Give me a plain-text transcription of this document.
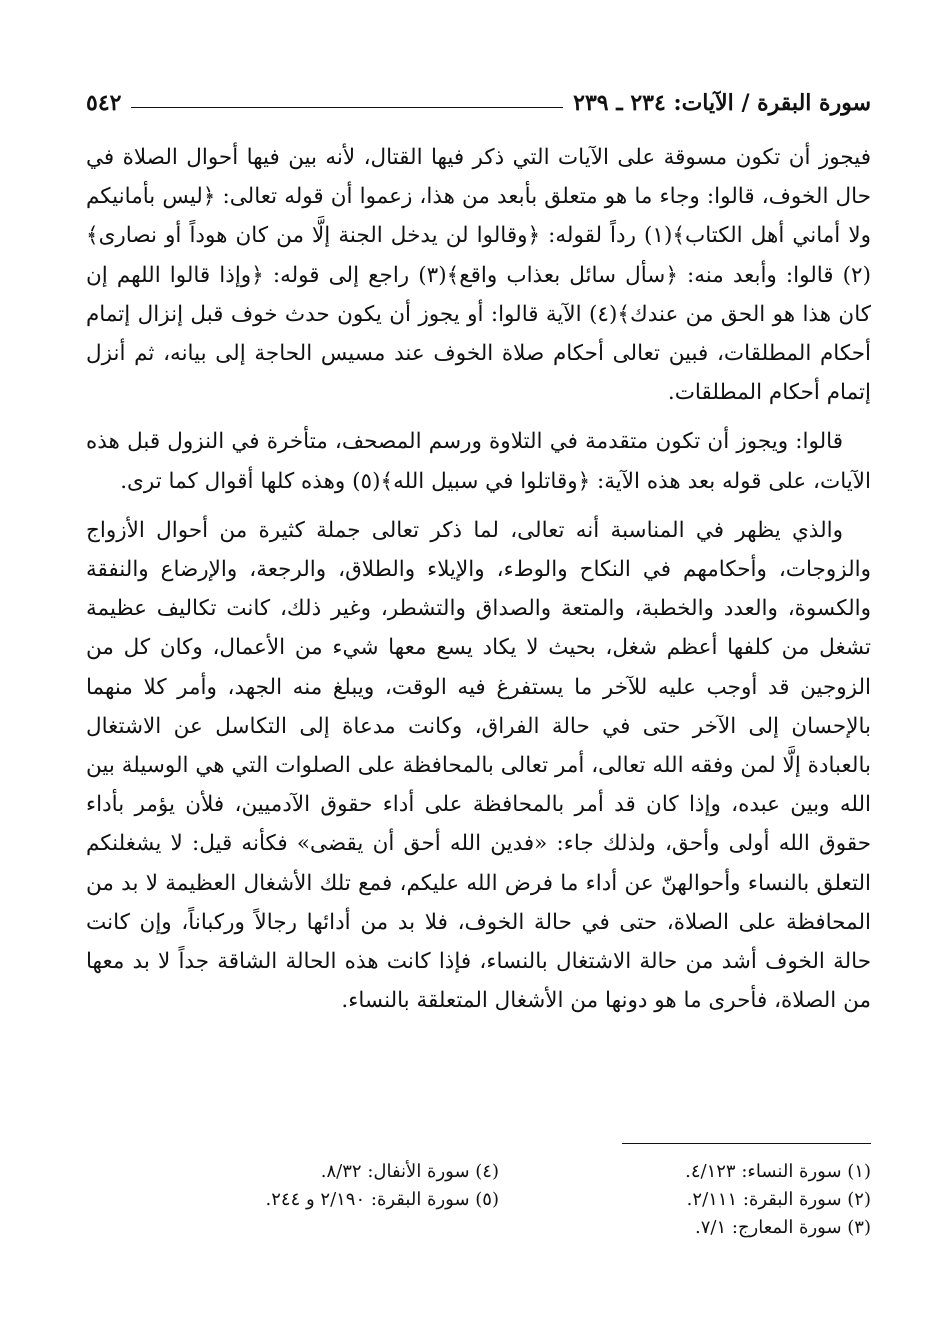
سورة البقرة / الآيات: ٢٣٤ ـ ٢٣٩
٥٤٢

فيجوز أن تكون مسوقة على الآيات التي ذكر فيها القتال، لأنه بين فيها أحوال الصلاة في حال الخوف، قالوا: وجاء ما هو متعلق بأبعد من هذا، زعموا أن قوله تعالى: ﴿ليس بأمانيكم ولا أماني أهل الكتاب﴾(١) رداً لقوله: ﴿وقالوا لن يدخل الجنة إلَّا من كان هوداً أو نصارى﴾(٢) قالوا: وأبعد منه: ﴿سأل سائل بعذاب واقع﴾(٣) راجع إلى قوله: ﴿وإذا قالوا اللهم إن كان هذا هو الحق من عندك﴾(٤) الآية قالوا: أو يجوز أن يكون حدث خوف قبل إنزال إتمام أحكام المطلقات، فبين تعالى أحكام صلاة الخوف عند مسيس الحاجة إلى بيانه، ثم أنزل إتمام أحكام المطلقات.

قالوا: ويجوز أن تكون متقدمة في التلاوة ورسم المصحف، متأخرة في النزول قبل هذه الآيات، على قوله بعد هذه الآية: ﴿وقاتلوا في سبيل الله﴾(٥) وهذه كلها أقوال كما ترى.

والذي يظهر في المناسبة أنه تعالى، لما ذكر تعالى جملة كثيرة من أحوال الأزواج والزوجات، وأحكامهم في النكاح والوطء، والإيلاء والطلاق، والرجعة، والإرضاع والنفقة والكسوة، والعدد والخطبة، والمتعة والصداق والتشطر، وغير ذلك، كانت تكاليف عظيمة تشغل من كلفها أعظم شغل، بحيث لا يكاد يسع معها شيء من الأعمال، وكان كل من الزوجين قد أوجب عليه للآخر ما يستفرغ فيه الوقت، ويبلغ منه الجهد، وأمر كلا منهما بالإحسان إلى الآخر حتى في حالة الفراق، وكانت مدعاة إلى التكاسل عن الاشتغال بالعبادة إلَّا لمن وفقه الله تعالى، أمر تعالى بالمحافظة على الصلوات التي هي الوسيلة بين الله وبين عبده، وإذا كان قد أمر بالمحافظة على أداء حقوق الآدميين، فلأن يؤمر بأداء حقوق الله أولى وأحق، ولذلك جاء: «فدين الله أحق أن يقضى» فكأنه قيل: لا يشغلنكم التعلق بالنساء وأحوالهنّ عن أداء ما فرض الله عليكم، فمع تلك الأشغال العظيمة لا بد من المحافظة على الصلاة، حتى في حالة الخوف، فلا بد من أدائها رجالاً وركباناً، وإن كانت حالة الخوف أشد من حالة الاشتغال بالنساء، فإذا كانت هذه الحالة الشاقة جداً لا بد معها من الصلاة، فأحرى ما هو دونها من الأشغال المتعلقة بالنساء.

(١) سورة النساء: ٤/١٢٣.
(٢) سورة البقرة: ٢/١١١.
(٣) سورة المعارج: ٧/١.
(٤) سورة الأنفال: ٨/٣٢.
(٥) سورة البقرة: ٢/١٩٠ و ٢٤٤.
